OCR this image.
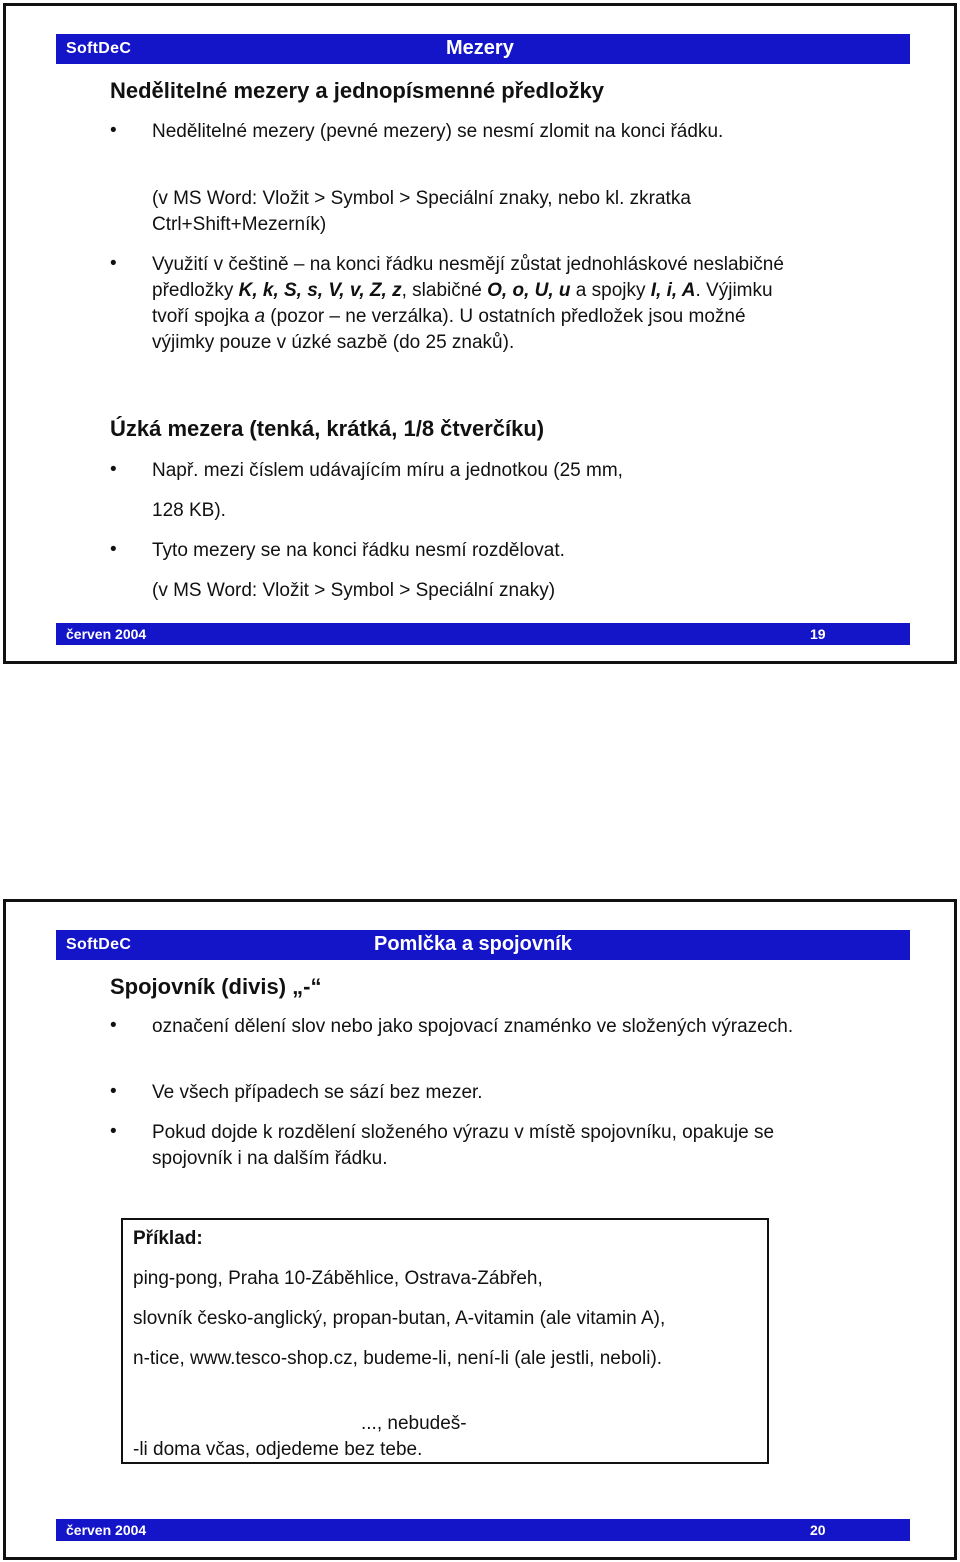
SoftDeC	Mezery
Nedělitelné mezery a jednopísmenné předložky
• Nedělitelné mezery (pevné mezery) se nesmí zlomit na konci řádku.
(v MS Word: Vložit > Symbol > Speciální znaky, nebo kl. zkratka Ctrl+Shift+Mezerník)
• Využití v češtině – na konci řádku nesmějí zůstat jednohláskové neslabičné předložky K, k, S, s, V, v, Z, z, slabičné O, o, U, u a spojky I, i, A. Výjimku tvoří spojka a (pozor – ne verzálka). U ostatních předložek jsou možné výjimky pouze v úzké sazbě (do 25 znaků).
Úzká mezera (tenká, krátká, 1/8 čtverčíku)
• Např. mezi číslem udávajícím míru a jednotkou (25 mm,
128 KB).
• Tyto mezery se na konci řádku nesmí rozdělovat.
(v MS Word: Vložit > Symbol > Speciální znaky)
červen 2004	19
SoftDeC	Pomlčka a spojovník
Spojovník (divis) „-“
• označení dělení slov nebo jako spojovací znaménko ve složených výrazech.
• Ve všech případech se sází bez mezer.
• Pokud dojde k rozdělení složeného výrazu v místě spojovníku, opakuje se spojovník i na dalším řádku.
Příklad:
ping-pong, Praha 10-Záběhlice, Ostrava-Zábřeh,
slovník česko-anglický, propan-butan, A-vitamin (ale vitamin A),
n-tice, www.tesco-shop.cz, budeme-li, není-li (ale jestli, neboli).
..., nebudeš-
-li doma včas, odjedeme bez tebe.
červen 2004	20
